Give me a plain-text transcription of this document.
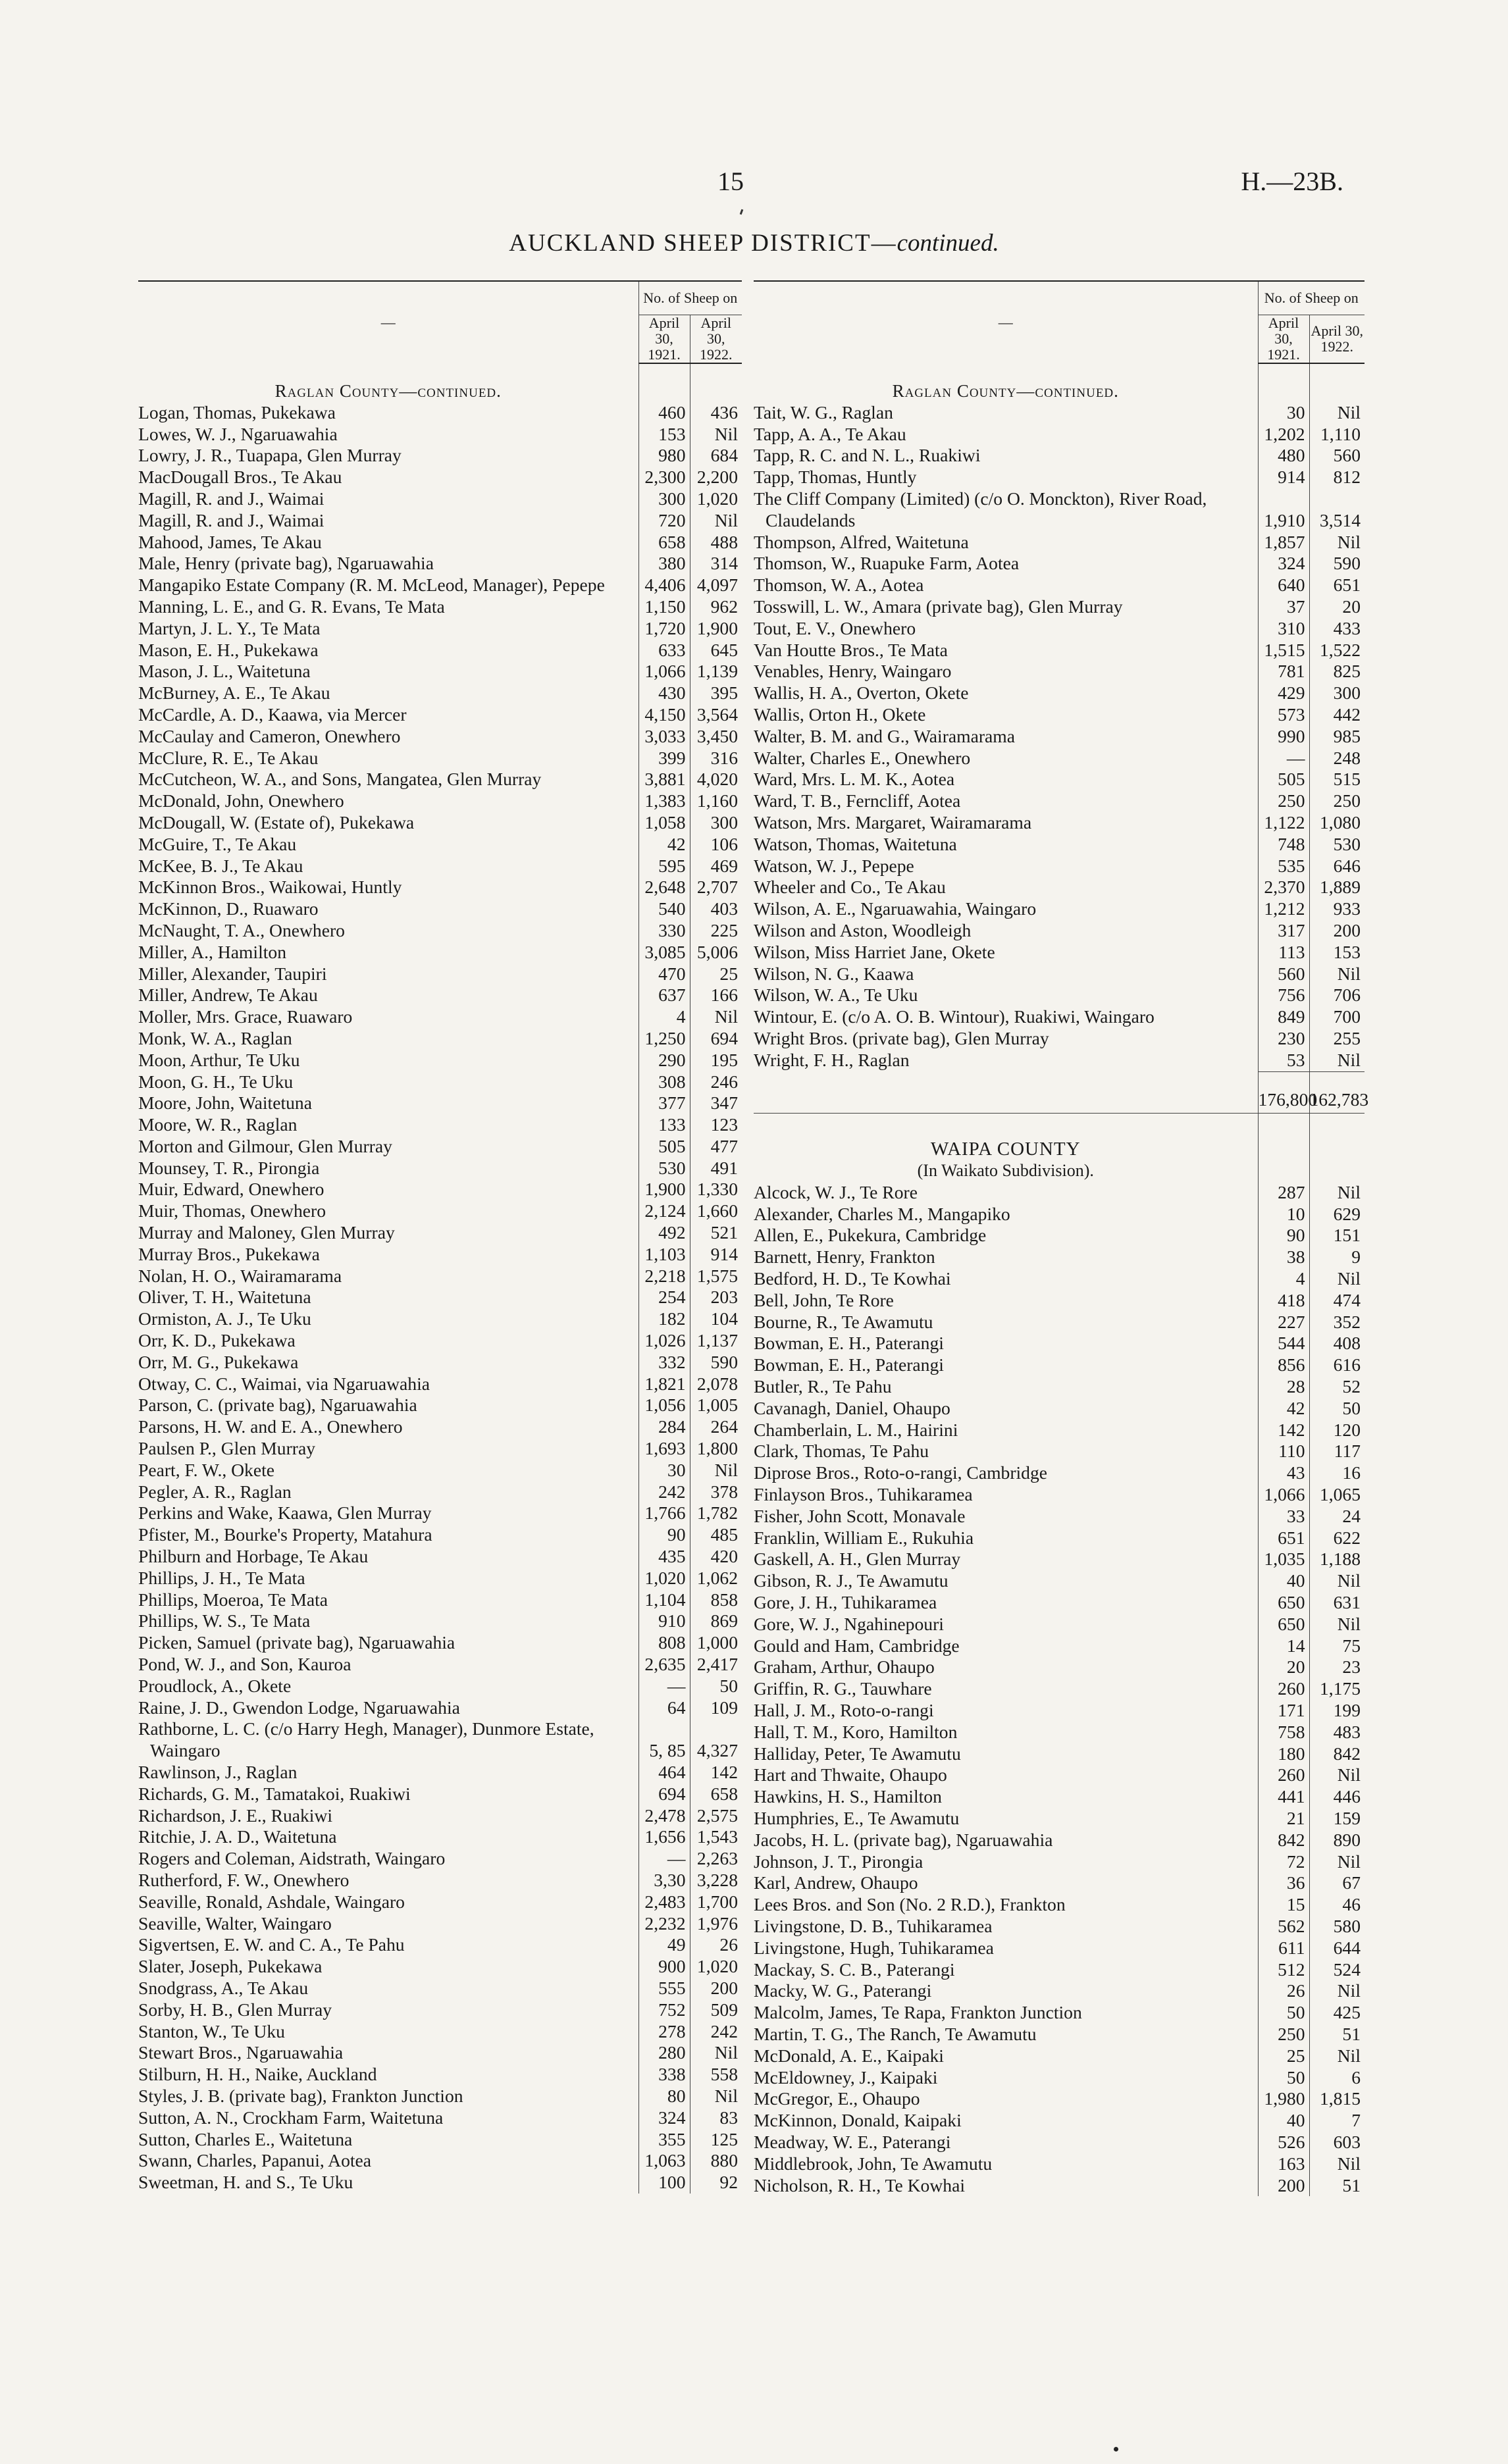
15	H.—23B.
AUCKLAND SHEEP DISTRICT—continued.
—	No. of Sheep on	
	April 30,
1921.	April 30,
1922.
Raglan County—continued.		

Logan, Thomas, Pukekawa	460	436

Lowes, W. J., Ngaruawahia	153	Nil

Lowry, J. R., Tuapapa, Glen Murray	980	684

MacDougall Bros., Te Akau	2,300	2,200

Magill, R. and J., Waimai	300	1,020

Magill, R. and J., Waimai	720	Nil

Mahood, James, Te Akau	658	488

Male, Henry (private bag), Ngaruawahia	380	314

Mangapiko Estate Company (R. M. McLeod, Manager), Pepepe	4,406	4,097

Manning, L. E., and G. R. Evans, Te Mata	1,150	962

Martyn, J. L. Y., Te Mata	1,720	1,900

Mason, E. H., Pukekawa	633	645

Mason, J. L., Waitetuna	1,066	1,139

McBurney, A. E., Te Akau	430	395

McCardle, A. D., Kaawa, via Mercer	4,150	3,564

McCaulay and Cameron, Onewhero	3,033	3,450

McClure, R. E., Te Akau	399	316

McCutcheon, W. A., and Sons, Mangatea, Glen Murray	3,881	4,020

McDonald, John, Onewhero	1,383	1,160

McDougall, W. (Estate of), Pukekawa	1,058	300

McGuire, T., Te Akau	42	106

McKee, B. J., Te Akau	595	469

McKinnon Bros., Waikowai, Huntly	2,648	2,707

McKinnon, D., Ruawaro	540	403

McNaught, T. A., Onewhero	330	225

Miller, A., Hamilton	3,085	5,006

Miller, Alexander, Taupiri	470	25

Miller, Andrew, Te Akau	637	166

Moller, Mrs. Grace, Ruawaro	4	Nil

Monk, W. A., Raglan	1,250	694

Moon, Arthur, Te Uku	290	195

Moon, G. H., Te Uku	308	246

Moore, John, Waitetuna	377	347

Moore, W. R., Raglan	133	123

Morton and Gilmour, Glen Murray	505	477

Mounsey, T. R., Pirongia	530	491

Muir, Edward, Onewhero	1,900	1,330

Muir, Thomas, Onewhero	2,124	1,660

Murray and Maloney, Glen Murray	492	521

Murray Bros., Pukekawa	1,103	914

Nolan, H. O., Wairamarama	2,218	1,575

Oliver, T. H., Waitetuna	254	203

Ormiston, A. J., Te Uku	182	104

Orr, K. D., Pukekawa	1,026	1,137

Orr, M. G., Pukekawa	332	590

Otway, C. C., Waimai, via Ngaruawahia	1,821	2,078

Parson, C. (private bag), Ngaruawahia	1,056	1,005

Parsons, H. W. and E. A., Onewhero	284	264

Paulsen P., Glen Murray	1,693	1,800

Peart, F. W., Okete	30	Nil

Pegler, A. R., Raglan	242	378

Perkins and Wake, Kaawa, Glen Murray	1,766	1,782

Pfister, M., Bourke's Property, Matahura	90	485

Philburn and Horbage, Te Akau	435	420

Phillips, J. H., Te Mata	1,020	1,062

Phillips, Moeroa, Te Mata	1,104	858

Phillips, W. S., Te Mata	910	869

Picken, Samuel (private bag), Ngaruawahia	808	1,000

Pond, W. J., and Son, Kauroa	2,635	2,417

Proudlock, A., Okete	—	50

Raine, J. D., Gwendon Lodge, Ngaruawahia	64	109

Rathborne, L. C. (c/o Harry Hegh, Manager), Dunmore Estate, Waingaro	5, 85	4,327

Rawlinson, J., Raglan	464	142

Richards, G. M., Tamatakoi, Ruakiwi	694	658

Richardson, J. E., Ruakiwi	2,478	2,575

Ritchie, J. A. D., Waitetuna	1,656	1,543

Rogers and Coleman, Aidstrath, Waingaro	—	2,263

Rutherford, F. W., Onewhero	3,30	3,228

Seaville, Ronald, Ashdale, Waingaro	2,483	1,700

Seaville, Walter, Waingaro	2,232	1,976

Sigvertsen, E. W. and C. A., Te Pahu	49	26

Slater, Joseph, Pukekawa	900	1,020

Snodgrass, A., Te Akau	555	200

Sorby, H. B., Glen Murray	752	509

Stanton, W., Te Uku	278	242

Stewart Bros., Ngaruawahia	280	Nil

Stilburn, H. H., Naike, Auckland	338	558

Styles, J. B. (private bag), Frankton Junction	80	Nil

Sutton, A. N., Crockham Farm, Waitetuna	324	83

Sutton, Charles E., Waitetuna	355	125

Swann, Charles, Papanui, Aotea	1,063	880

Sweetman, H. and S., Te Uku	100	92
—	No. of Sheep on	
	April 30,
1921.	April 30,
1922.
Raglan County—continued.		

Tait, W. G., Raglan	30	Nil

Tapp, A. A., Te Akau	1,202	1,110

Tapp, R. C. and N. L., Ruakiwi	480	560

Tapp, Thomas, Huntly	914	812

The Cliff Company (Limited) (c/o O. Monckton), River Road, Claudelands	1,910	3,514

Thompson, Alfred, Waitetuna	1,857	Nil

Thomson, W., Ruapuke Farm, Aotea	324	590

Thomson, W. A., Aotea	640	651

Tosswill, L. W., Amara (private bag), Glen Murray	37	20

Tout, E. V., Onewhero	310	433

Van Houtte Bros., Te Mata	1,515	1,522

Venables, Henry, Waingaro	781	825

Wallis, H. A., Overton, Okete	429	300

Wallis, Orton H., Okete	573	442

Walter, B. M. and G., Wairamarama	990	985

Walter, Charles E., Onewhero	—	248

Ward, Mrs. L. M. K., Aotea	505	515

Ward, T. B., Ferncliff, Aotea	250	250

Watson, Mrs. Margaret, Wairamarama	1,122	1,080

Watson, Thomas, Waitetuna	748	530

Watson, W. J., Pepepe	535	646

Wheeler and Co., Te Akau	2,370	1,889

Wilson, A. E., Ngaruawahia, Waingaro	1,212	933

Wilson and Aston, Woodleigh	317	200

Wilson, Miss Harriet Jane, Okete	113	153

Wilson, N. G., Kaawa	560	Nil

Wilson, W. A., Te Uku	756	706

Wintour, E. (c/o A. O. B. Wintour), Ruakiwi, Waingaro	849	700

Wright Bros. (private bag), Glen Murray	230	255

Wright, F. H., Raglan	53	Nil
	176,800	162,783
WAIPA COUNTY		
(In Waikato Subdivision).		

Alcock, W. J., Te Rore	287	Nil

Alexander, Charles M., Mangapiko	10	629

Allen, E., Pukekura, Cambridge	90	151

Barnett, Henry, Frankton	38	9

Bedford, H. D., Te Kowhai	4	Nil

Bell, John, Te Rore	418	474

Bourne, R., Te Awamutu	227	352

Bowman, E. H., Paterangi	544	408

Bowman, E. H., Paterangi	856	616

Butler, R., Te Pahu	28	52

Cavanagh, Daniel, Ohaupo	42	50

Chamberlain, L. M., Hairini	142	120

Clark, Thomas, Te Pahu	110	117

Diprose Bros., Roto-o-rangi, Cambridge	43	16

Finlayson Bros., Tuhikaramea	1,066	1,065

Fisher, John Scott, Monavale	33	24

Franklin, William E., Rukuhia	651	622

Gaskell, A. H., Glen Murray	1,035	1,188

Gibson, R. J., Te Awamutu	40	Nil

Gore, J. H., Tuhikaramea	650	631

Gore, W. J., Ngahinepouri	650	Nil

Gould and Ham, Cambridge	14	75

Graham, Arthur, Ohaupo	20	23

Griffin, R. G., Tauwhare	260	1,175

Hall, J. M., Roto-o-rangi	171	199

Hall, T. M., Koro, Hamilton	758	483

Halliday, Peter, Te Awamutu	180	842

Hart and Thwaite, Ohaupo	260	Nil

Hawkins, H. S., Hamilton	441	446

Humphries, E., Te Awamutu	21	159

Jacobs, H. L. (private bag), Ngaruawahia	842	890

Johnson, J. T., Pirongia	72	Nil

Karl, Andrew, Ohaupo	36	67

Lees Bros. and Son (No. 2 R.D.), Frankton	15	46

Livingstone, D. B., Tuhikaramea	562	580

Livingstone, Hugh, Tuhikaramea	611	644

Mackay, S. C. B., Paterangi	512	524

Macky, W. G., Paterangi	26	Nil

Malcolm, James, Te Rapa, Frankton Junction	50	425

Martin, T. G., The Ranch, Te Awamutu	250	51

McDonald, A. E., Kaipaki	25	Nil

McEldowney, J., Kaipaki	50	6

McGregor, E., Ohaupo	1,980	1,815

McKinnon, Donald, Kaipaki	40	7

Meadway, W. E., Paterangi	526	603

Middlebrook, John, Te Awamutu	163	Nil

Nicholson, R. H., Te Kowhai	200	51
